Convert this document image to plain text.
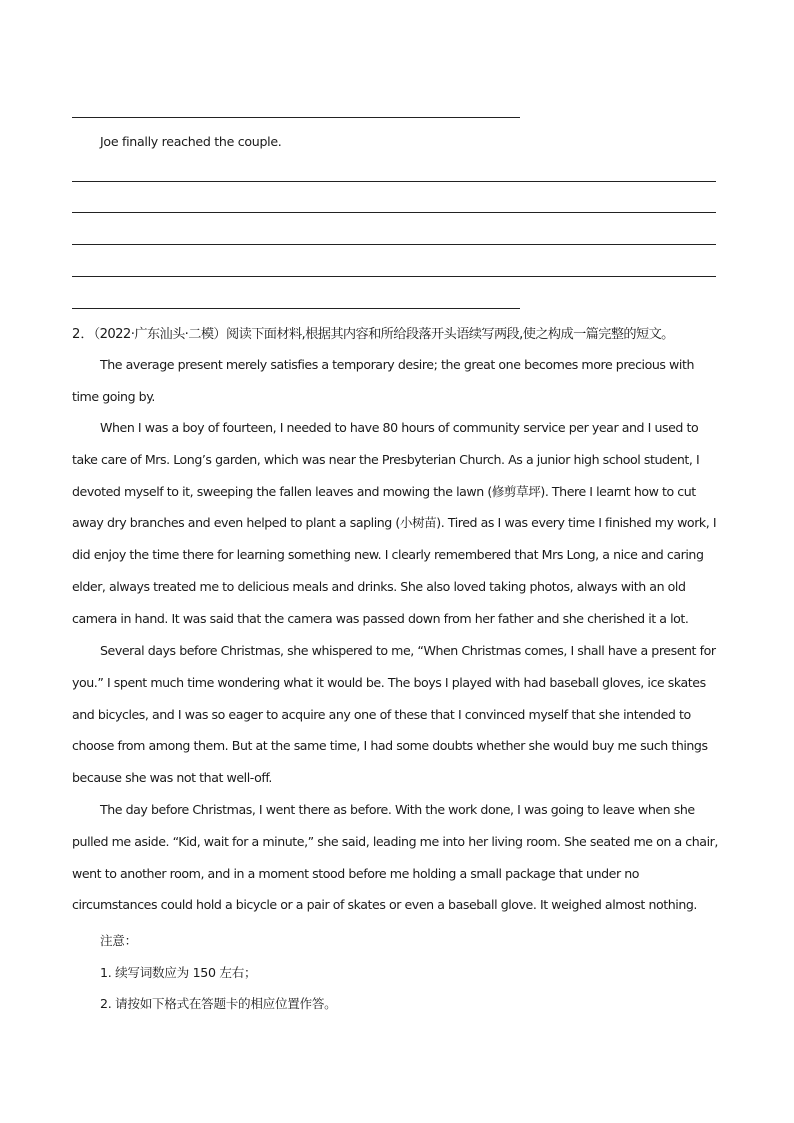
Joe finally reached the couple.
2．（2022·广东汕头·二模）阅读下面材料,根据其内容和所给段落开头语续写两段,使之构成一篇完整的短文。
The average present merely satisfies a temporary desire; the great one becomes more precious with time going by.
When I was a boy of fourteen, I needed to have 80 hours of community service per year and I used to take care of Mrs. Long’s garden, which was near the Presbyterian Church. As a junior high school student, I devoted myself to it, sweeping the fallen leaves and mowing the lawn (修剪草坪). There I learnt how to cut away dry branches and even helped to plant a sapling (小树苗). Tired as I was every time I finished my work, I did enjoy the time there for learning something new. I clearly remembered that Mrs Long, a nice and caring elder, always treated me to delicious meals and drinks. She also loved taking photos, always with an old camera in hand. It was said that the camera was passed down from her father and she cherished it a lot.
Several days before Christmas, she whispered to me, “When Christmas comes, I shall have a present for you.” I spent much time wondering what it would be. The boys I played with had baseball gloves, ice skates and bicycles, and I was so eager to acquire any one of these that I convinced myself that she intended to choose from among them. But at the same time, I had some doubts whether she would buy me such things because she was not that well-off.
The day before Christmas, I went there as before. With the work done, I was going to leave when she pulled me aside. “Kid, wait for a minute,” she said, leading me into her living room. She seated me on a chair, went to another room, and in a moment stood before me holding a small package that under no circumstances could hold a bicycle or a pair of skates or even a baseball glove. It weighed almost nothing.
注意：
1. 续写词数应为 150 左右；
2. 请按如下格式在答题卡的相应位置作答。
